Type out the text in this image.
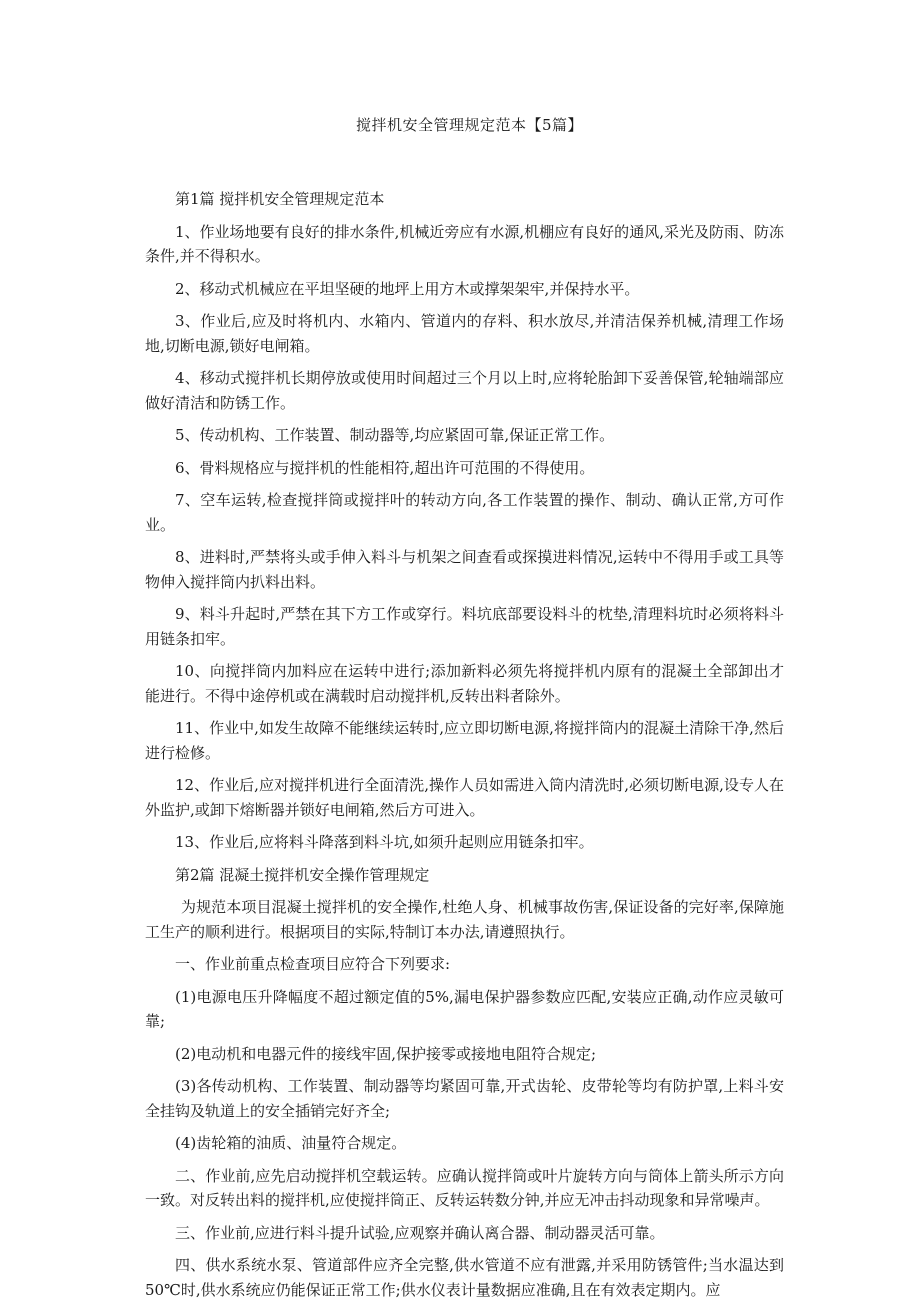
搅拌机安全管理规定范本【5篇】

第1篇 搅拌机安全管理规定范本

1、作业场地要有良好的排水条件,机械近旁应有水源,机棚应有良好的通风,采光及防雨、防冻条件,并不得积水。

2、移动式机械应在平坦坚硬的地坪上用方木或撑架架牢,并保持水平。

3、作业后,应及时将机内、水箱内、管道内的存料、积水放尽,并清洁保养机械,清理工作场地,切断电源,锁好电闸箱。

4、移动式搅拌机长期停放或使用时间超过三个月以上时,应将轮胎卸下妥善保管,轮轴端部应做好清洁和防锈工作。

5、传动机构、工作装置、制动器等,均应紧固可靠,保证正常工作。

6、骨料规格应与搅拌机的性能相符,超出许可范围的不得使用。

7、空车运转,检查搅拌筒或搅拌叶的转动方向,各工作装置的操作、制动、确认正常,方可作业。

8、进料时,严禁将头或手伸入料斗与机架之间查看或探摸进料情况,运转中不得用手或工具等物伸入搅拌筒内扒料出料。

9、料斗升起时,严禁在其下方工作或穿行。料坑底部要设料斗的枕垫,清理料坑时必须将料斗用链条扣牢。

10、向搅拌筒内加料应在运转中进行;添加新料必须先将搅拌机内原有的混凝土全部卸出才能进行。不得中途停机或在满载时启动搅拌机,反转出料者除外。

11、作业中,如发生故障不能继续运转时,应立即切断电源,将搅拌筒内的混凝土清除干净,然后进行检修。

12、作业后,应对搅拌机进行全面清洗,操作人员如需进入筒内清洗时,必须切断电源,设专人在外监护,或卸下熔断器并锁好电闸箱,然后方可进入。

13、作业后,应将料斗降落到料斗坑,如须升起则应用链条扣牢。

第2篇 混凝土搅拌机安全操作管理规定

为规范本项目混凝土搅拌机的安全操作,杜绝人身、机械事故伤害,保证设备的完好率,保障施工生产的顺利进行。根据项目的实际,特制订本办法,请遵照执行。

一、作业前重点检查项目应符合下列要求:

(1)电源电压升降幅度不超过额定值的5%,漏电保护器参数应匹配,安装应正确,动作应灵敏可靠;

(2)电动机和电器元件的接线牢固,保护接零或接地电阻符合规定;

(3)各传动机构、工作装置、制动器等均紧固可靠,开式齿轮、皮带轮等均有防护罩,上料斗安全挂钩及轨道上的安全插销完好齐全;

(4)齿轮箱的油质、油量符合规定。

二、作业前,应先启动搅拌机空载运转。应确认搅拌筒或叶片旋转方向与筒体上箭头所示方向一致。对反转出料的搅拌机,应使搅拌筒正、反转运转数分钟,并应无冲击抖动现象和异常噪声。

三、作业前,应进行料斗提升试验,应观察并确认离合器、制动器灵活可靠。

四、供水系统水泵、管道部件应齐全完整,供水管道不应有泄露,并采用防锈管件;当水温达到50℃时,供水系统应仍能保证正常工作;供水仪表计量数据应准确,且在有效表定期内。应
